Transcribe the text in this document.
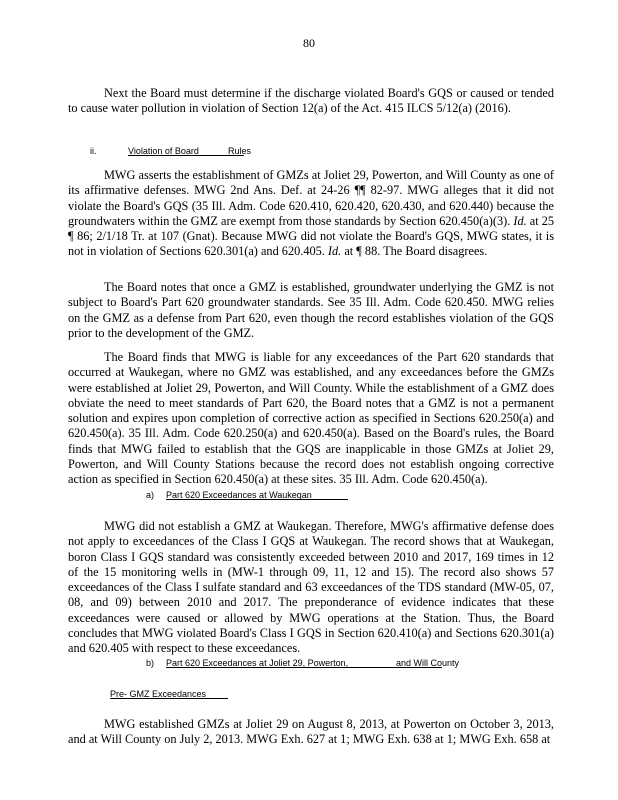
80

Next the Board must determine if the discharge violated Board's GQS or caused or tended to cause water pollution in violation of Section 12(a) of the Act. 415 ILCS 5/12(a) (2016).

ii.	Violation of Board	Rules

MWG asserts the establishment of GMZs at Joliet 29, Powerton, and Will County as one of its affirmative defenses. MWG 2nd Ans. Def. at 24-26 ¶¶ 82-97. MWG alleges that it did not violate the Board's GQS (35 Ill. Adm. Code 620.410, 620.420, 620.430, and 620.440) because the groundwaters within the GMZ are exempt from those standards by Section 620.450(a)(3). Id. at 25 ¶ 86; 2/1/18 Tr. at 107 (Gnat). Because MWG did not violate the Board's GQS, MWG states, it is not in violation of Sections 620.301(a) and 620.405. Id. at ¶ 88. The Board disagrees.

The Board notes that once a GMZ is established, groundwater underlying the GMZ is not subject to Board's Part 620 groundwater standards. See 35 Ill. Adm. Code 620.450. MWG relies on the GMZ as a defense from Part 620, even though the record establishes violation of the GQS prior to the development of the GMZ.

The Board finds that MWG is liable for any exceedances of the Part 620 standards that occurred at Waukegan, where no GMZ was established, and any exceedances before the GMZs were established at Joliet 29, Powerton, and Will County. While the establishment of a GMZ does obviate the need to meet standards of Part 620, the Board notes that a GMZ is not a permanent solution and expires upon completion of corrective action as specified in Sections 620.250(a) and 620.450(a). 35 Ill. Adm. Code 620.250(a) and 620.450(a). Based on the Board's rules, the Board finds that MWG failed to establish that the GQS are inapplicable in those GMZs at Joliet 29, Powerton, and Will County Stations because the record does not establish ongoing corrective action as specified in Section 620.450(a) at these sites. 35 Ill. Adm. Code 620.450(a).

a) Part 620 Exceedances at Waukegan

MWG did not establish a GMZ at Waukegan. Therefore, MWG's affirmative defense does not apply to exceedances of the Class I GQS at Waukegan. The record shows that at Waukegan, boron Class I GQS standard was consistently exceeded between 2010 and 2017, 169 times in 12 of the 15 monitoring wells in (MW-1 through 09, 11, 12 and 15). The record also shows 57 exceedances of the Class I sulfate standard and 63 exceedances of the TDS standard (MW-05, 07, 08, and 09) between 2010 and 2017. The preponderance of evidence indicates that these exceedances were caused or allowed by MWG operations at the Station. Thus, the Board concludes that MWG violated Board's Class I GQS in Section 620.410(a) and Sections 620.301(a) and 620.405 with respect to these exceedances.

b) Part 620 Exceedances at Joliet 29, Powerton,	and Will County
Pre- GMZ Exceedances

MWG established GMZs at Joliet 29 on August 8, 2013, at Powerton on October 3, 2013, and at Will County on July 2, 2013. MWG Exh. 627 at 1; MWG Exh. 638 at 1; MWG Exh. 658 at
